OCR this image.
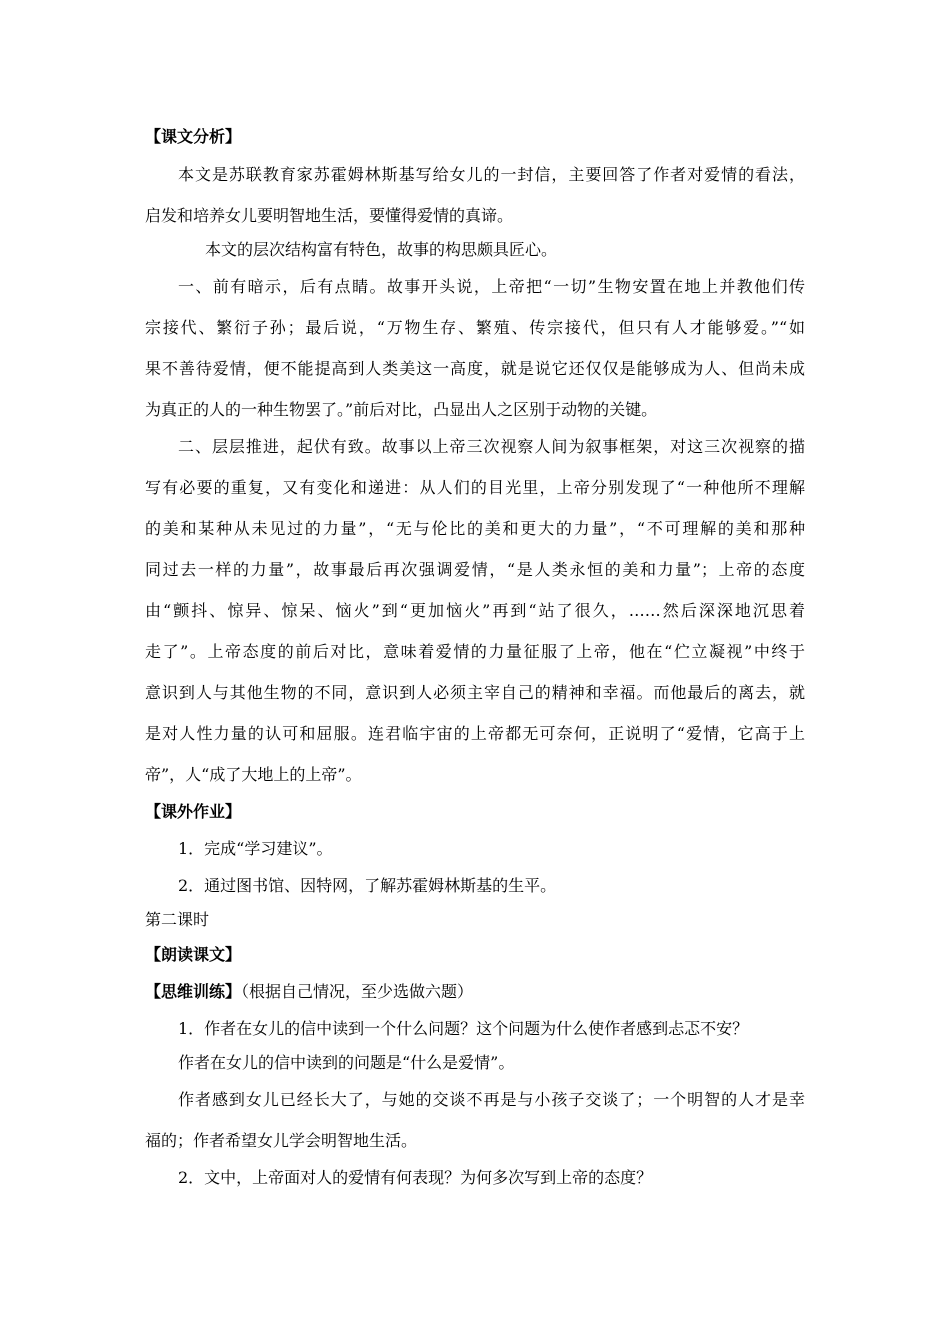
【课文分析】
本文是苏联教育家苏霍姆林斯基写给女儿的一封信，主要回答了作者对爱情的看法，
启发和培养女儿要明智地生活，要懂得爱情的真谛。
本文的层次结构富有特色，故事的构思颇具匠心。
一、前有暗示，后有点睛。故事开头说，上帝把“一切”生物安置在地上并教他们传
宗接代、繁衍子孙；最后说，“万物生存、繁殖、传宗接代，但只有人才能够爱。”“如
果不善待爱情，便不能提高到人类美这一高度，就是说它还仅仅是能够成为人、但尚未成
为真正的人的一种生物罢了。”前后对比，凸显出人之区别于动物的关键。
二、层层推进，起伏有致。故事以上帝三次视察人间为叙事框架，对这三次视察的描
写有必要的重复，又有变化和递进：从人们的目光里，上帝分别发现了“一种他所不理解
的美和某种从未见过的力量”，“无与伦比的美和更大的力量”，“不可理解的美和那种
同过去一样的力量”，故事最后再次强调爱情，“是人类永恒的美和力量”；上帝的态度
由“颤抖、惊异、惊呆、恼火”到“更加恼火”再到“站了很久，……然后深深地沉思着
走了”。上帝态度的前后对比，意味着爱情的力量征服了上帝，他在“伫立凝视”中终于
意识到人与其他生物的不同，意识到人必须主宰自己的精神和幸福。而他最后的离去，就
是对人性力量的认可和屈服。连君临宇宙的上帝都无可奈何，正说明了“爱情，它高于上
帝”，人“成了大地上的上帝”。
【课外作业】
1．完成“学习建议”。
2．通过图书馆、因特网，了解苏霍姆林斯基的生平。
第二课时
【朗读课文】
【思维训练】（根据自己情况，至少选做六题）
1．作者在女儿的信中读到一个什么问题？这个问题为什么使作者感到忐忑不安？
作者在女儿的信中读到的问题是“什么是爱情”。
作者感到女儿已经长大了，与她的交谈不再是与小孩子交谈了；一个明智的人才是幸
福的；作者希望女儿学会明智地生活。
2．文中，上帝面对人的爱情有何表现？为何多次写到上帝的态度？
